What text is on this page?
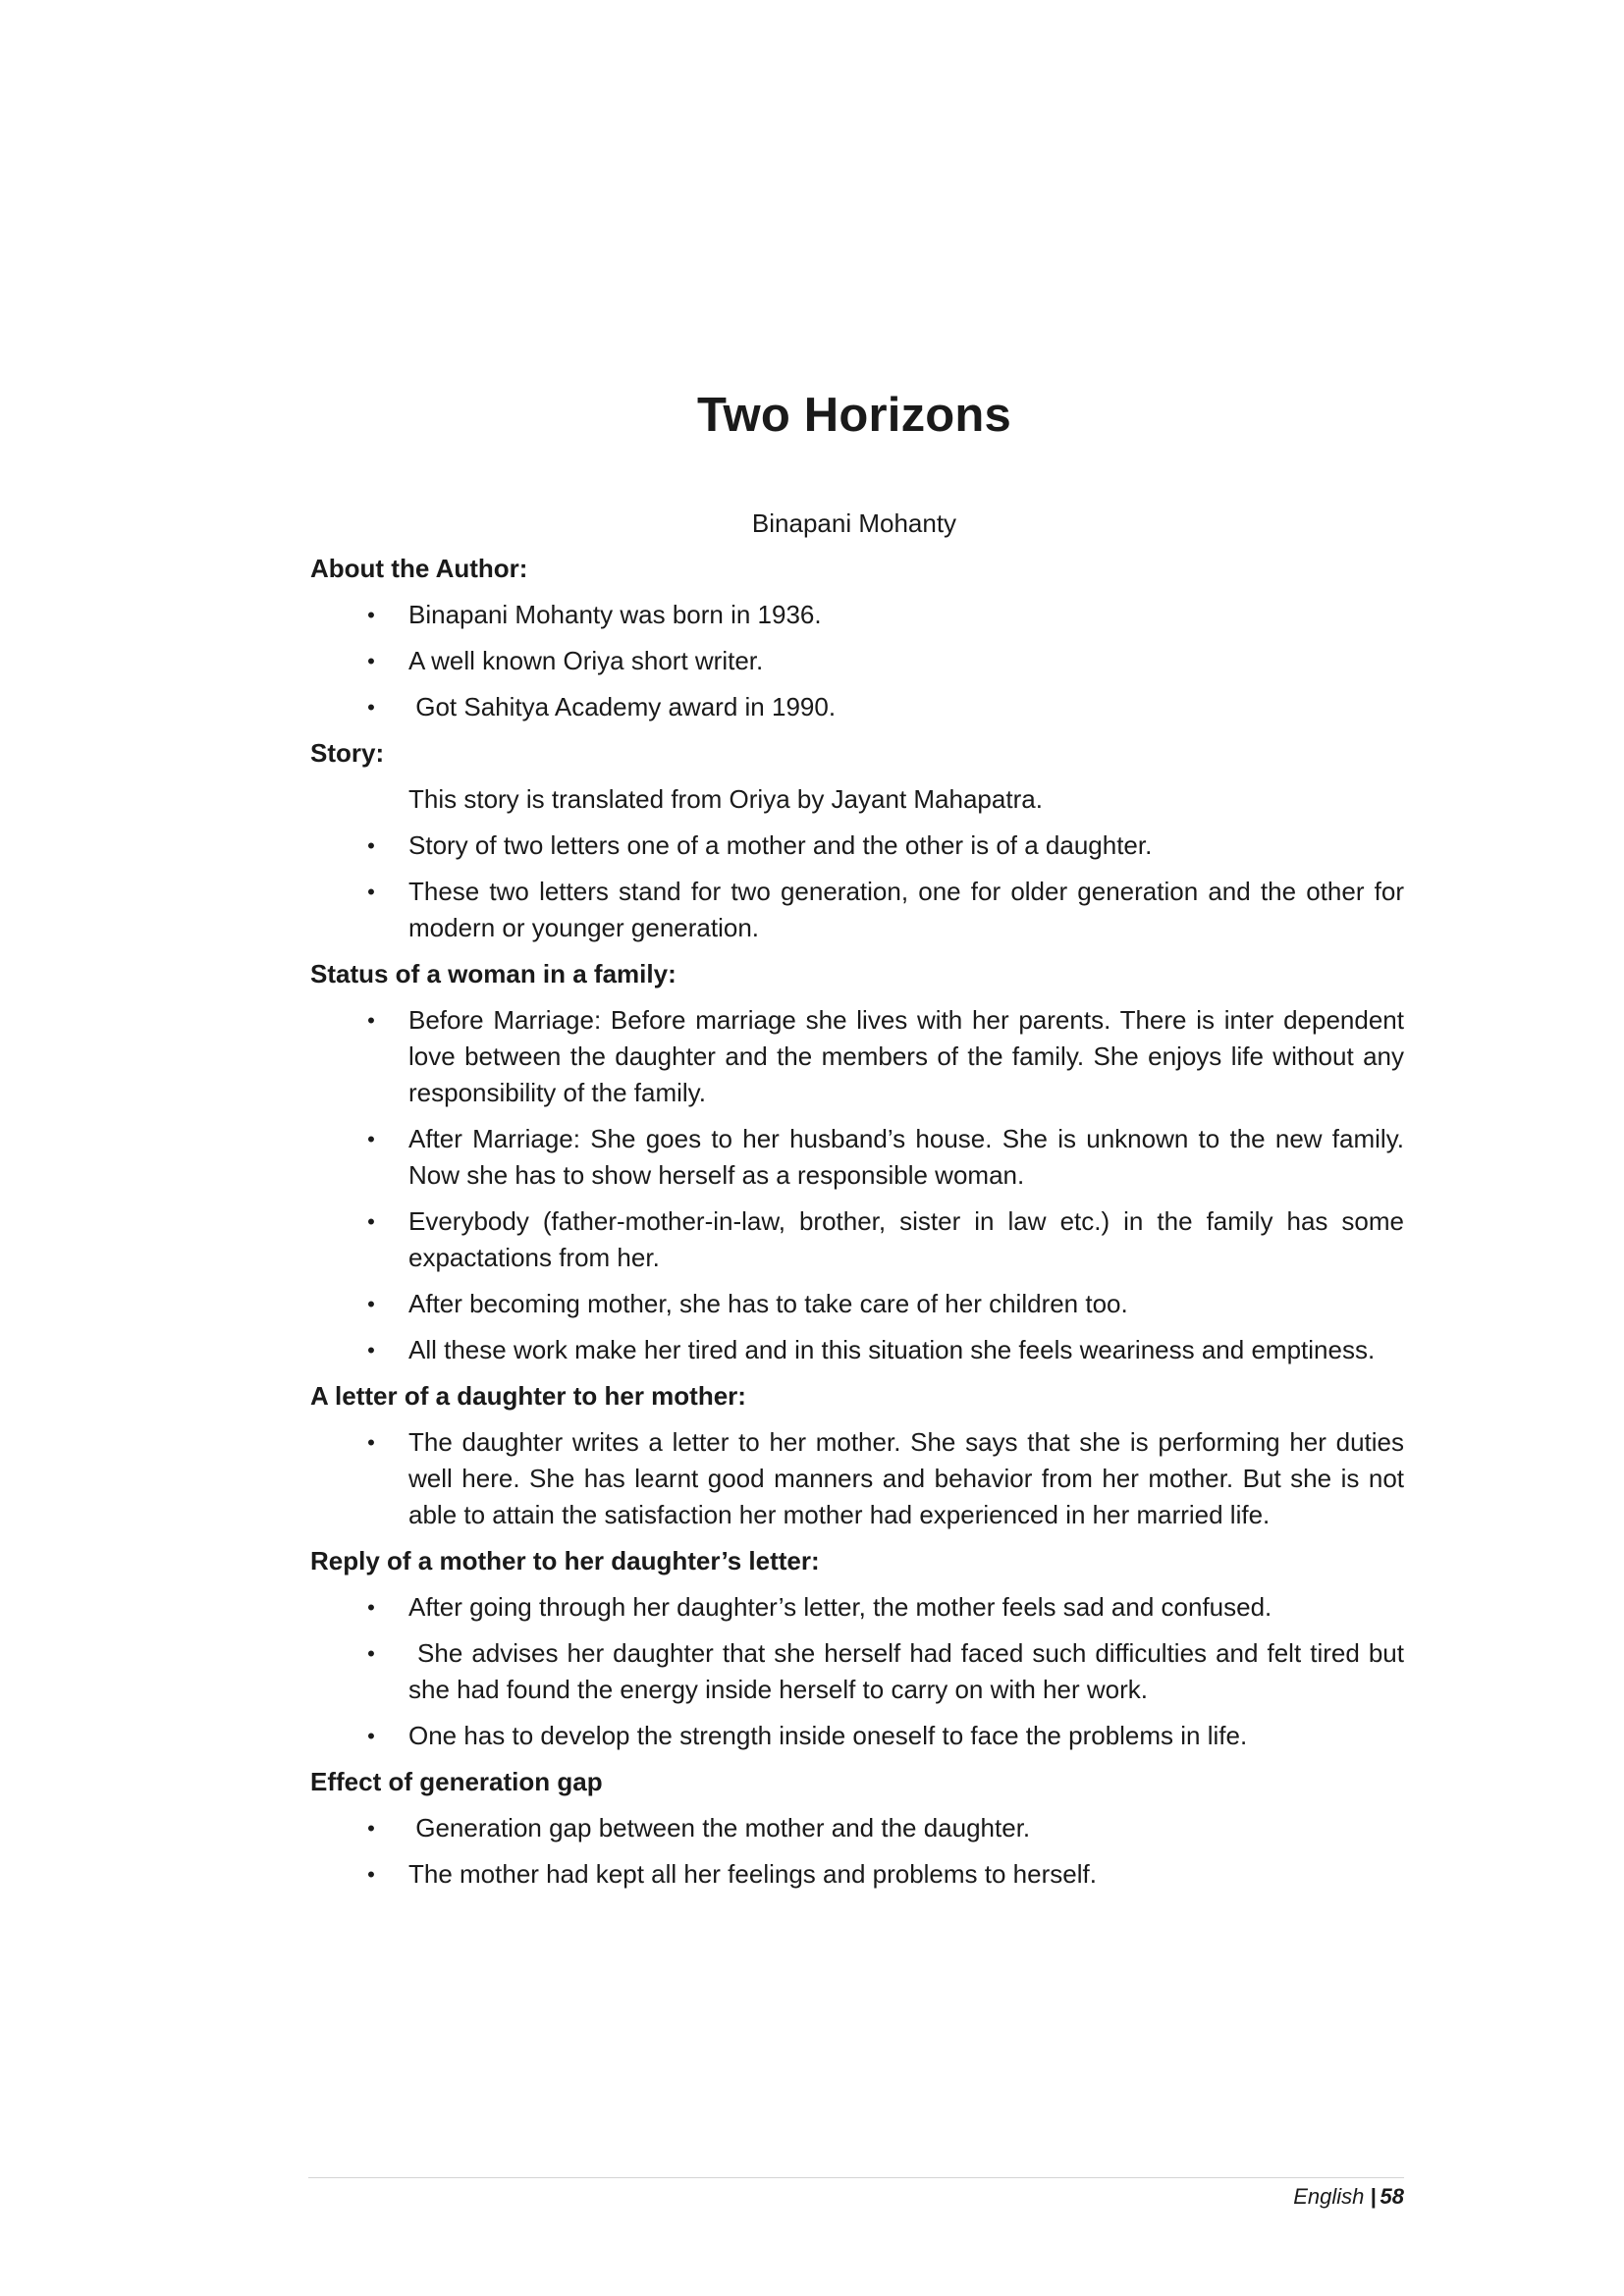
Two Horizons
Binapani Mohanty
About the Author:
• Binapani Mohanty was born in 1936.
• A well known Oriya short writer.
• Got Sahitya Academy award in 1990.
Story:
This story is translated from Oriya by Jayant Mahapatra.
• Story of two letters one of a mother and the other is of a daughter.
• These two letters stand for two generation, one for older generation and the other for modern or younger generation.
Status of a woman in a family:
• Before Marriage: Before marriage she lives with her parents. There is inter dependent love between the daughter and the members of the family. She enjoys life without any responsibility of the family.
• After Marriage: She goes to her husband’s house. She is unknown to the new family. Now she has to show herself as a responsible woman.
• Everybody (father-mother-in-law, brother, sister in law etc.) in the family has some expactations from her.
• After becoming mother, she has to take care of her children too.
• All these work make her tired and in this situation she feels weariness and emptiness.
A letter of a daughter to her mother:
• The daughter writes a letter to her mother. She says that she is performing her duties well here. She has learnt good manners and behavior from her mother. But she is not able to attain the satisfaction her mother had experienced in her married life.
Reply of a mother to her daughter’s letter:
• After going through her daughter’s letter, the mother feels sad and confused.
• She advises her daughter that she herself had faced such difficulties and felt tired but she had found the energy inside herself to carry on with her work.
• One has to develop the strength inside oneself to face the problems in life.
Effect of generation gap
• Generation gap between the mother and the daughter.
• The mother had kept all her feelings and problems to herself.
English | 58
